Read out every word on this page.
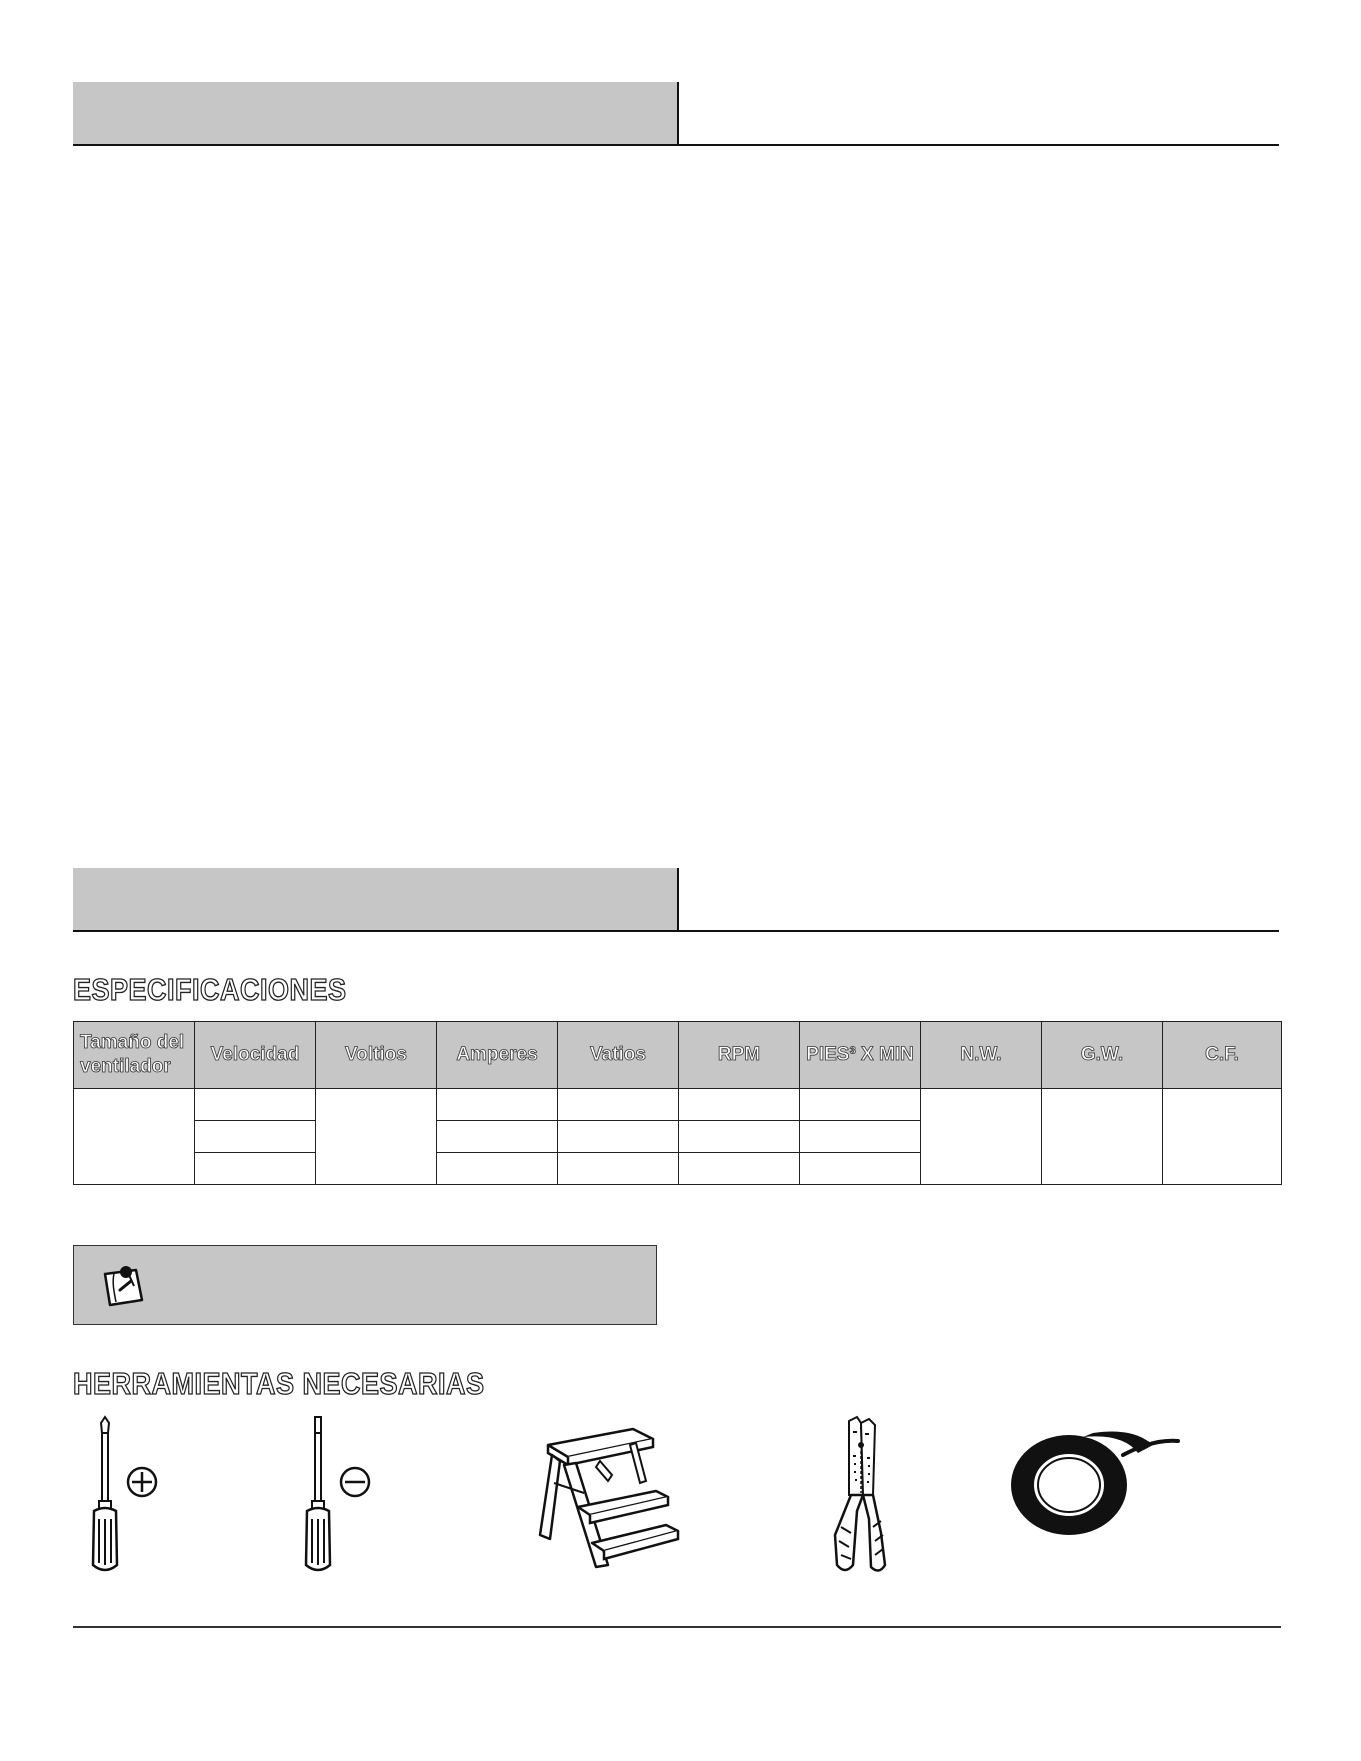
ESPECIFICACIONES
Tamaño del ventilador	Velocidad	Voltios	Amperes	Vatios	RPM	PIES³ X MIN	N.W.	G.W.	C.F.

HERRAMIENTAS NECESARIAS
